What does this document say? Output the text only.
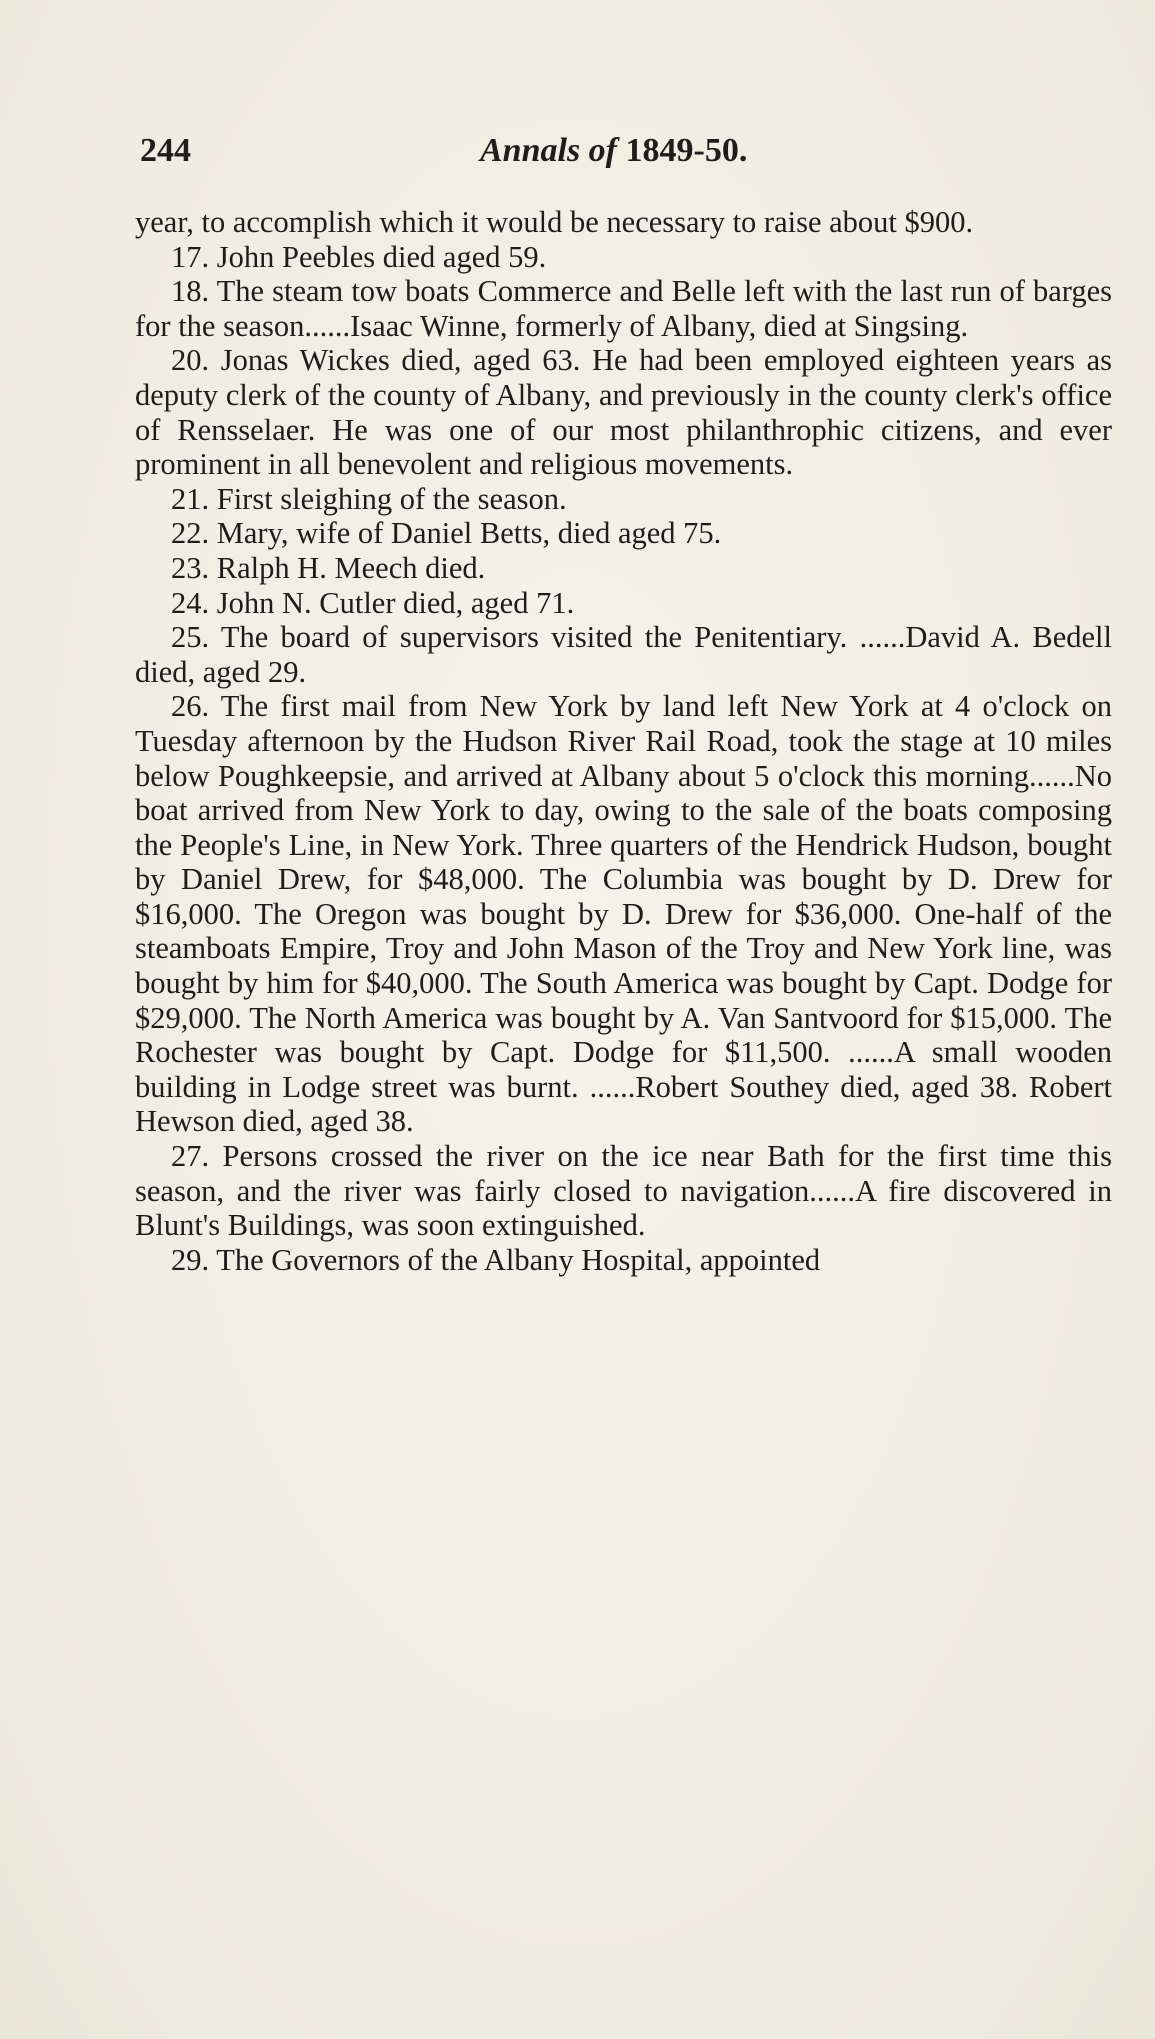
244	Annals of 1849-50.

year, to accomplish which it would be necessary to raise about $900.

17. John Peebles died aged 59.

18. The steam tow boats Commerce and Belle left with the last run of barges for the season......Isaac Winne, formerly of Albany, died at Singsing.

20. Jonas Wickes died, aged 63. He had been employed eighteen years as deputy clerk of the county of Albany, and previously in the county clerk's office of Rensselaer. He was one of our most philanthrophic citizens, and ever prominent in all benevolent and religious movements.

21. First sleighing of the season.

22. Mary, wife of Daniel Betts, died aged 75.

23. Ralph H. Meech died.

24. John N. Cutler died, aged 71.

25. The board of supervisors visited the Penitentiary. ......David A. Bedell died, aged 29.

26. The first mail from New York by land left New York at 4 o'clock on Tuesday afternoon by the Hudson River Rail Road, took the stage at 10 miles below Poughkeepsie, and arrived at Albany about 5 o'clock this morning......No boat arrived from New York to day, owing to the sale of the boats composing the People's Line, in New York. Three quarters of the Hendrick Hudson, bought by Daniel Drew, for $48,000. The Columbia was bought by D. Drew for $16,000. The Oregon was bought by D. Drew for $36,000. One-half of the steamboats Empire, Troy and John Mason of the Troy and New York line, was bought by him for $40,000. The South America was bought by Capt. Dodge for $29,000. The North America was bought by A. Van Santvoord for $15,000. The Rochester was bought by Capt. Dodge for $11,500. ......A small wooden building in Lodge street was burnt. ......Robert Southey died, aged 38. Robert Hewson died, aged 38.

27. Persons crossed the river on the ice near Bath for the first time this season, and the river was fairly closed to navigation......A fire discovered in Blunt's Buildings, was soon extinguished.

29. The Governors of the Albany Hospital, appointed
